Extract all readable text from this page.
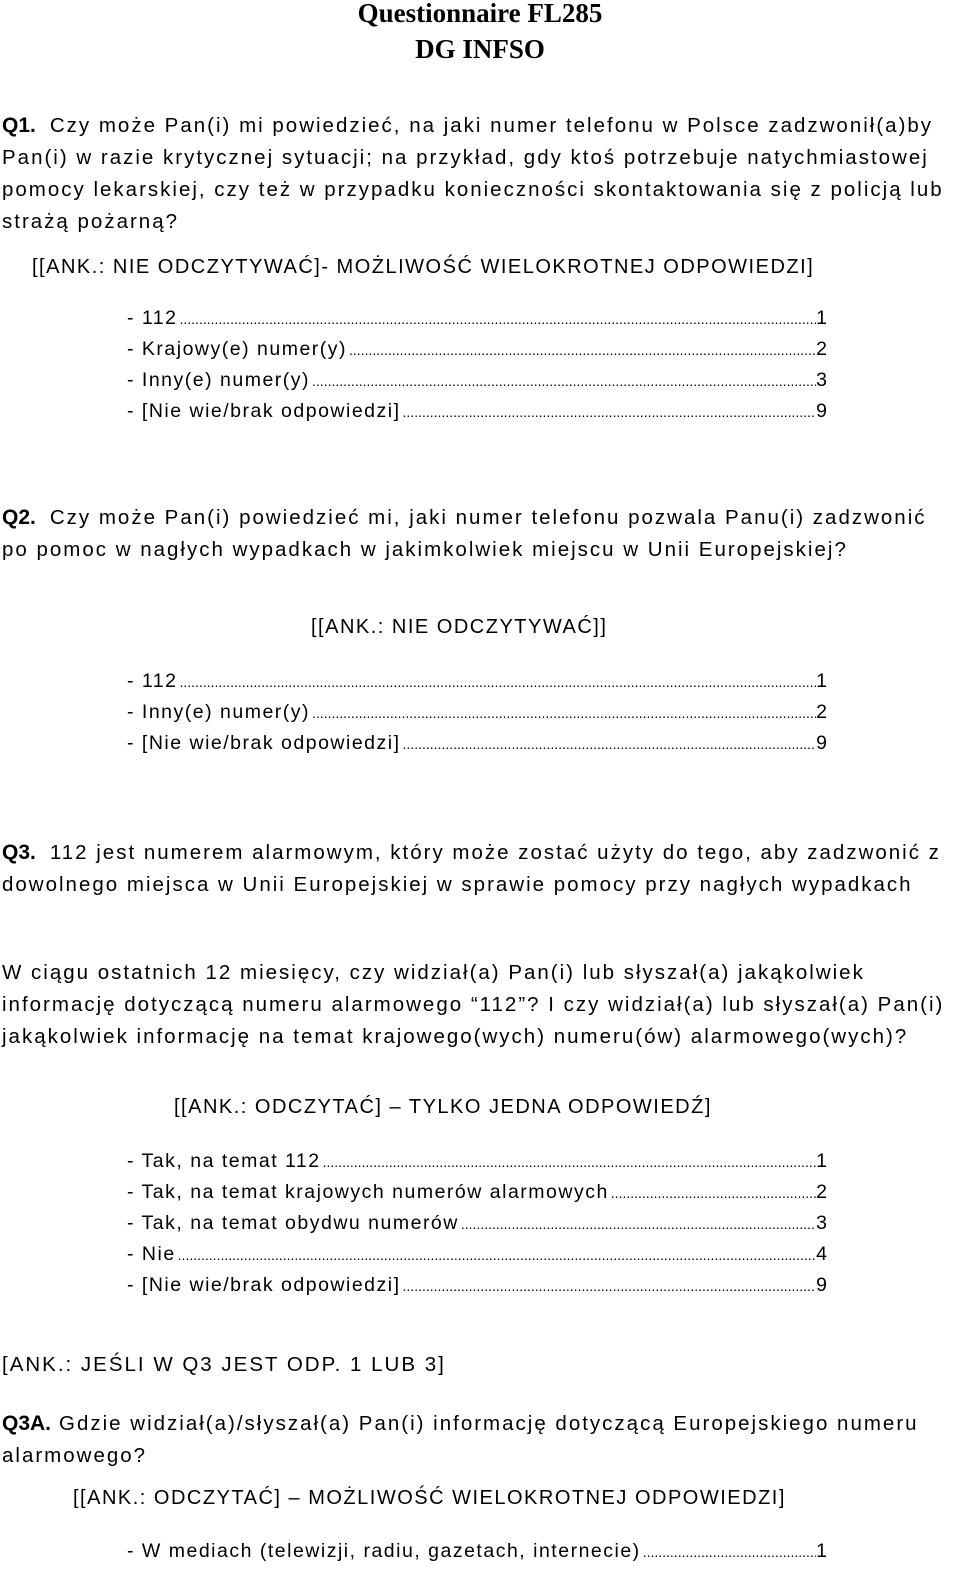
Questionnaire FL285
DG INFSO
Q1. Czy może Pan(i) mi powiedzieć, na jaki numer telefonu w Polsce zadzwonił(a)by Pan(i) w razie krytycznej sytuacji; na przykład, gdy ktoś potrzebuje natychmiastowej pomocy lekarskiej, czy też w przypadku konieczności skontaktowania się z policją lub strażą pożarną?
[[ANK.: NIE ODCZYTYWAĆ]- MOŻLIWOŚĆ WIELOKROTNEJ ODPOWIEDZI]
- 112 .....	1
- Krajowy(e) numer(y) .....	2
- Inny(e) numer(y) .....	3
- [Nie wie/brak odpowiedzi] .....	9
Q2. Czy może Pan(i) powiedzieć mi, jaki numer telefonu pozwala Panu(i) zadzwonić po pomoc w nagłych wypadkach w jakimkolwiek miejscu w Unii Europejskiej?
[[ANK.: NIE ODCZYTYWAĆ]]
- 112 .....	1
- Inny(e) numer(y) .....	2
- [Nie wie/brak odpowiedzi] .....	9
Q3. 112 jest numerem alarmowym, który może zostać użyty do tego, aby zadzwonić z dowolnego miejsca w Unii Europejskiej w sprawie pomocy przy nagłych wypadkach
W ciągu ostatnich 12 miesięcy, czy widział(a) Pan(i) lub słyszał(a) jakąkolwiek informację dotyczącą numeru alarmowego “112”? I czy widział(a) lub słyszał(a) Pan(i) jakąkolwiek informację na temat krajowego(wych) numeru(ów) alarmowego(wych)?
[[ANK.: ODCZYTAĆ] – TYLKO JEDNA ODPOWIEDŹ]
- Tak, na temat 112 .....	1
- Tak, na temat krajowych numerów alarmowych .....	2
- Tak, na temat obydwu numerów .....	3
- Nie .....	4
- [Nie wie/brak odpowiedzi] .....	9
[ANK.: JEŚLI W Q3 JEST ODP. 1 LUB 3]
Q3A. Gdzie widział(a)/słyszał(a) Pan(i) informację dotyczącą Europejskiego numeru alarmowego?
[[ANK.: ODCZYTAĆ] – MOŻLIWOŚĆ WIELOKROTNEJ ODPOWIEDZI]
- W mediach (telewizji, radiu, gazetach, internecie) .....	1
